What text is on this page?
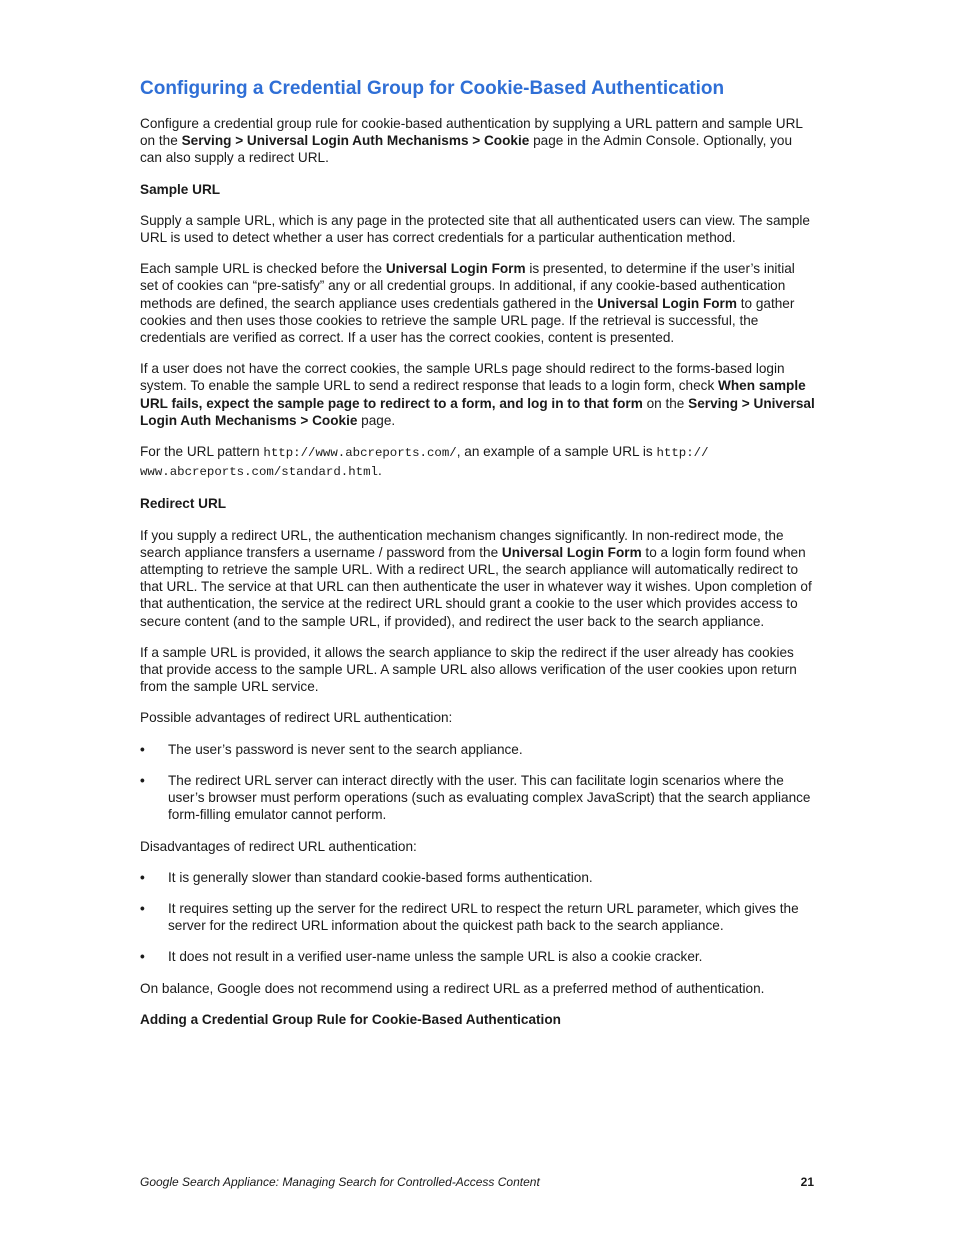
Configuring a Credential Group for Cookie-Based Authentication

Configure a credential group rule for cookie-based authentication by supplying a URL pattern and sample URL on the Serving > Universal Login Auth Mechanisms > Cookie page in the Admin Console. Optionally, you can also supply a redirect URL.

Sample URL

Supply a sample URL, which is any page in the protected site that all authenticated users can view. The sample URL is used to detect whether a user has correct credentials for a particular authentication method.

Each sample URL is checked before the Universal Login Form is presented, to determine if the user’s initial set of cookies can “pre-satisfy” any or all credential groups. In additional, if any cookie-based authentication methods are defined, the search appliance uses credentials gathered in the Universal Login Form to gather cookies and then uses those cookies to retrieve the sample URL page. If the retrieval is successful, the credentials are verified as correct. If a user has the correct cookies, content is presented.

If a user does not have the correct cookies, the sample URLs page should redirect to the forms-based login system. To enable the sample URL to send a redirect response that leads to a login form, check When sample URL fails, expect the sample page to redirect to a form, and log in to that form on the Serving > Universal Login Auth Mechanisms > Cookie page.

For the URL pattern http://www.abcreports.com/, an example of a sample URL is http://
www.abcreports.com/standard.html.

Redirect URL

If you supply a redirect URL, the authentication mechanism changes significantly. In non-redirect mode, the search appliance transfers a username / password from the Universal Login Form to a login form found when attempting to retrieve the sample URL. With a redirect URL, the search appliance will automatically redirect to that URL. The service at that URL can then authenticate the user in whatever way it wishes. Upon completion of that authentication, the service at the redirect URL should grant a cookie to the user which provides access to secure content (and to the sample URL, if provided), and redirect the user back to the search appliance.

If a sample URL is provided, it allows the search appliance to skip the redirect if the user already has cookies that provide access to the sample URL. A sample URL also allows verification of the user cookies upon return from the sample URL service.

Possible advantages of redirect URL authentication:

• The user’s password is never sent to the search appliance.
• The redirect URL server can interact directly with the user. This can facilitate login scenarios where the user’s browser must perform operations (such as evaluating complex JavaScript) that the search appliance form-filling emulator cannot perform.

Disadvantages of redirect URL authentication:

• It is generally slower than standard cookie-based forms authentication.
• It requires setting up the server for the redirect URL to respect the return URL parameter, which gives the server for the redirect URL information about the quickest path back to the search appliance.
• It does not result in a verified user-name unless the sample URL is also a cookie cracker.

On balance, Google does not recommend using a redirect URL as a preferred method of authentication.

Adding a Credential Group Rule for Cookie-Based Authentication
Google Search Appliance: Managing Search for Controlled-Access Content	21
